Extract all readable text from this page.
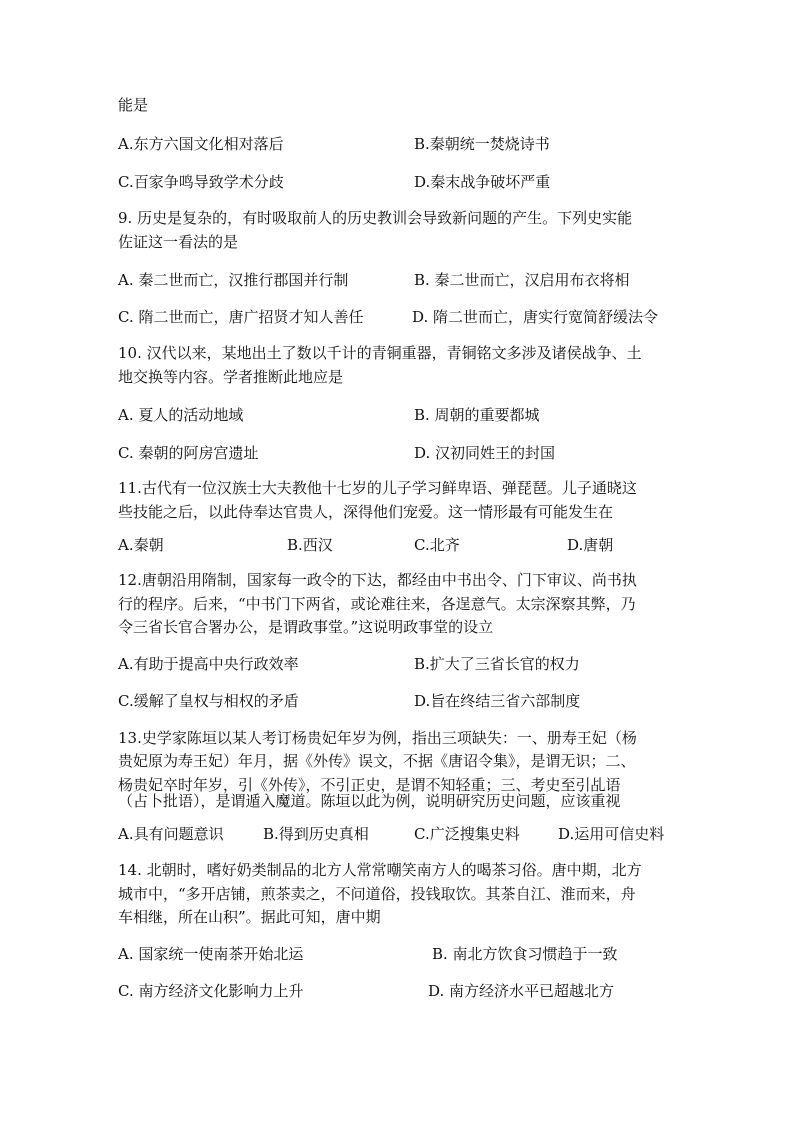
能是
A.东方六国文化相对落后	B.秦朝统一焚烧诗书
C.百家争鸣导致学术分歧	D.秦末战争破坏严重
9. 历史是复杂的，有时吸取前人的历史教训会导致新问题的产生。下列史实能
佐证这一看法的是
A. 秦二世而亡，汉推行郡国并行制	B. 秦二世而亡，汉启用布衣将相
C. 隋二世而亡，唐广招贤才知人善任	D. 隋二世而亡，唐实行宽简舒缓法令
10. 汉代以来，某地出土了数以千计的青铜重器，青铜铭文多涉及诸侯战争、土
地交换等内容。学者推断此地应是
A. 夏人的活动地域	B. 周朝的重要都城
C. 秦朝的阿房宫遗址	D. 汉初同姓王的封国
11.古代有一位汉族士大夫教他十七岁的儿子学习鲜卑语、弹琵琶。儿子通晓这
些技能之后，以此侍奉达官贵人，深得他们宠爱。这一情形最有可能发生在
A.秦朝	B.西汉	C.北齐	D.唐朝
12.唐朝沿用隋制，国家每一政令的下达，都经由中书出令、门下审议、尚书执
行的程序。后来，“中书门下两省，或论难往来，各逞意气。太宗深察其弊，乃
令三省长官合署办公，是谓政事堂。”这说明政事堂的设立
A.有助于提高中央行政效率	B.扩大了三省长官的权力
C.缓解了皇权与相权的矛盾	D.旨在终结三省六部制度
13.史学家陈垣以某人考订杨贵妃年岁为例，指出三项缺失：一、册寿王妃（杨
贵妃原为寿王妃）年月，据《外传》误文，不据《唐诏令集》，是谓无识；二、
杨贵妃卒时年岁，引《外传》，不引正史，是谓不知轻重；三、考史至引乩语
（占卜批语），是谓遁入魔道。陈垣以此为例，说明研究历史问题，应该重视
A.具有问题意识	B.得到历史真相	C.广泛搜集史料	D.运用可信史料
14. 北朝时，嗜好奶类制品的北方人常常嘲笑南方人的喝茶习俗。唐中期，北方
城市中，“多开店铺，煎茶卖之，不问道俗，投钱取饮。其茶自江、淮而来，舟
车相继，所在山积”。据此可知，唐中期
A. 国家统一使南茶开始北运	B. 南北方饮食习惯趋于一致
C. 南方经济文化影响力上升	D. 南方经济水平已超越北方
